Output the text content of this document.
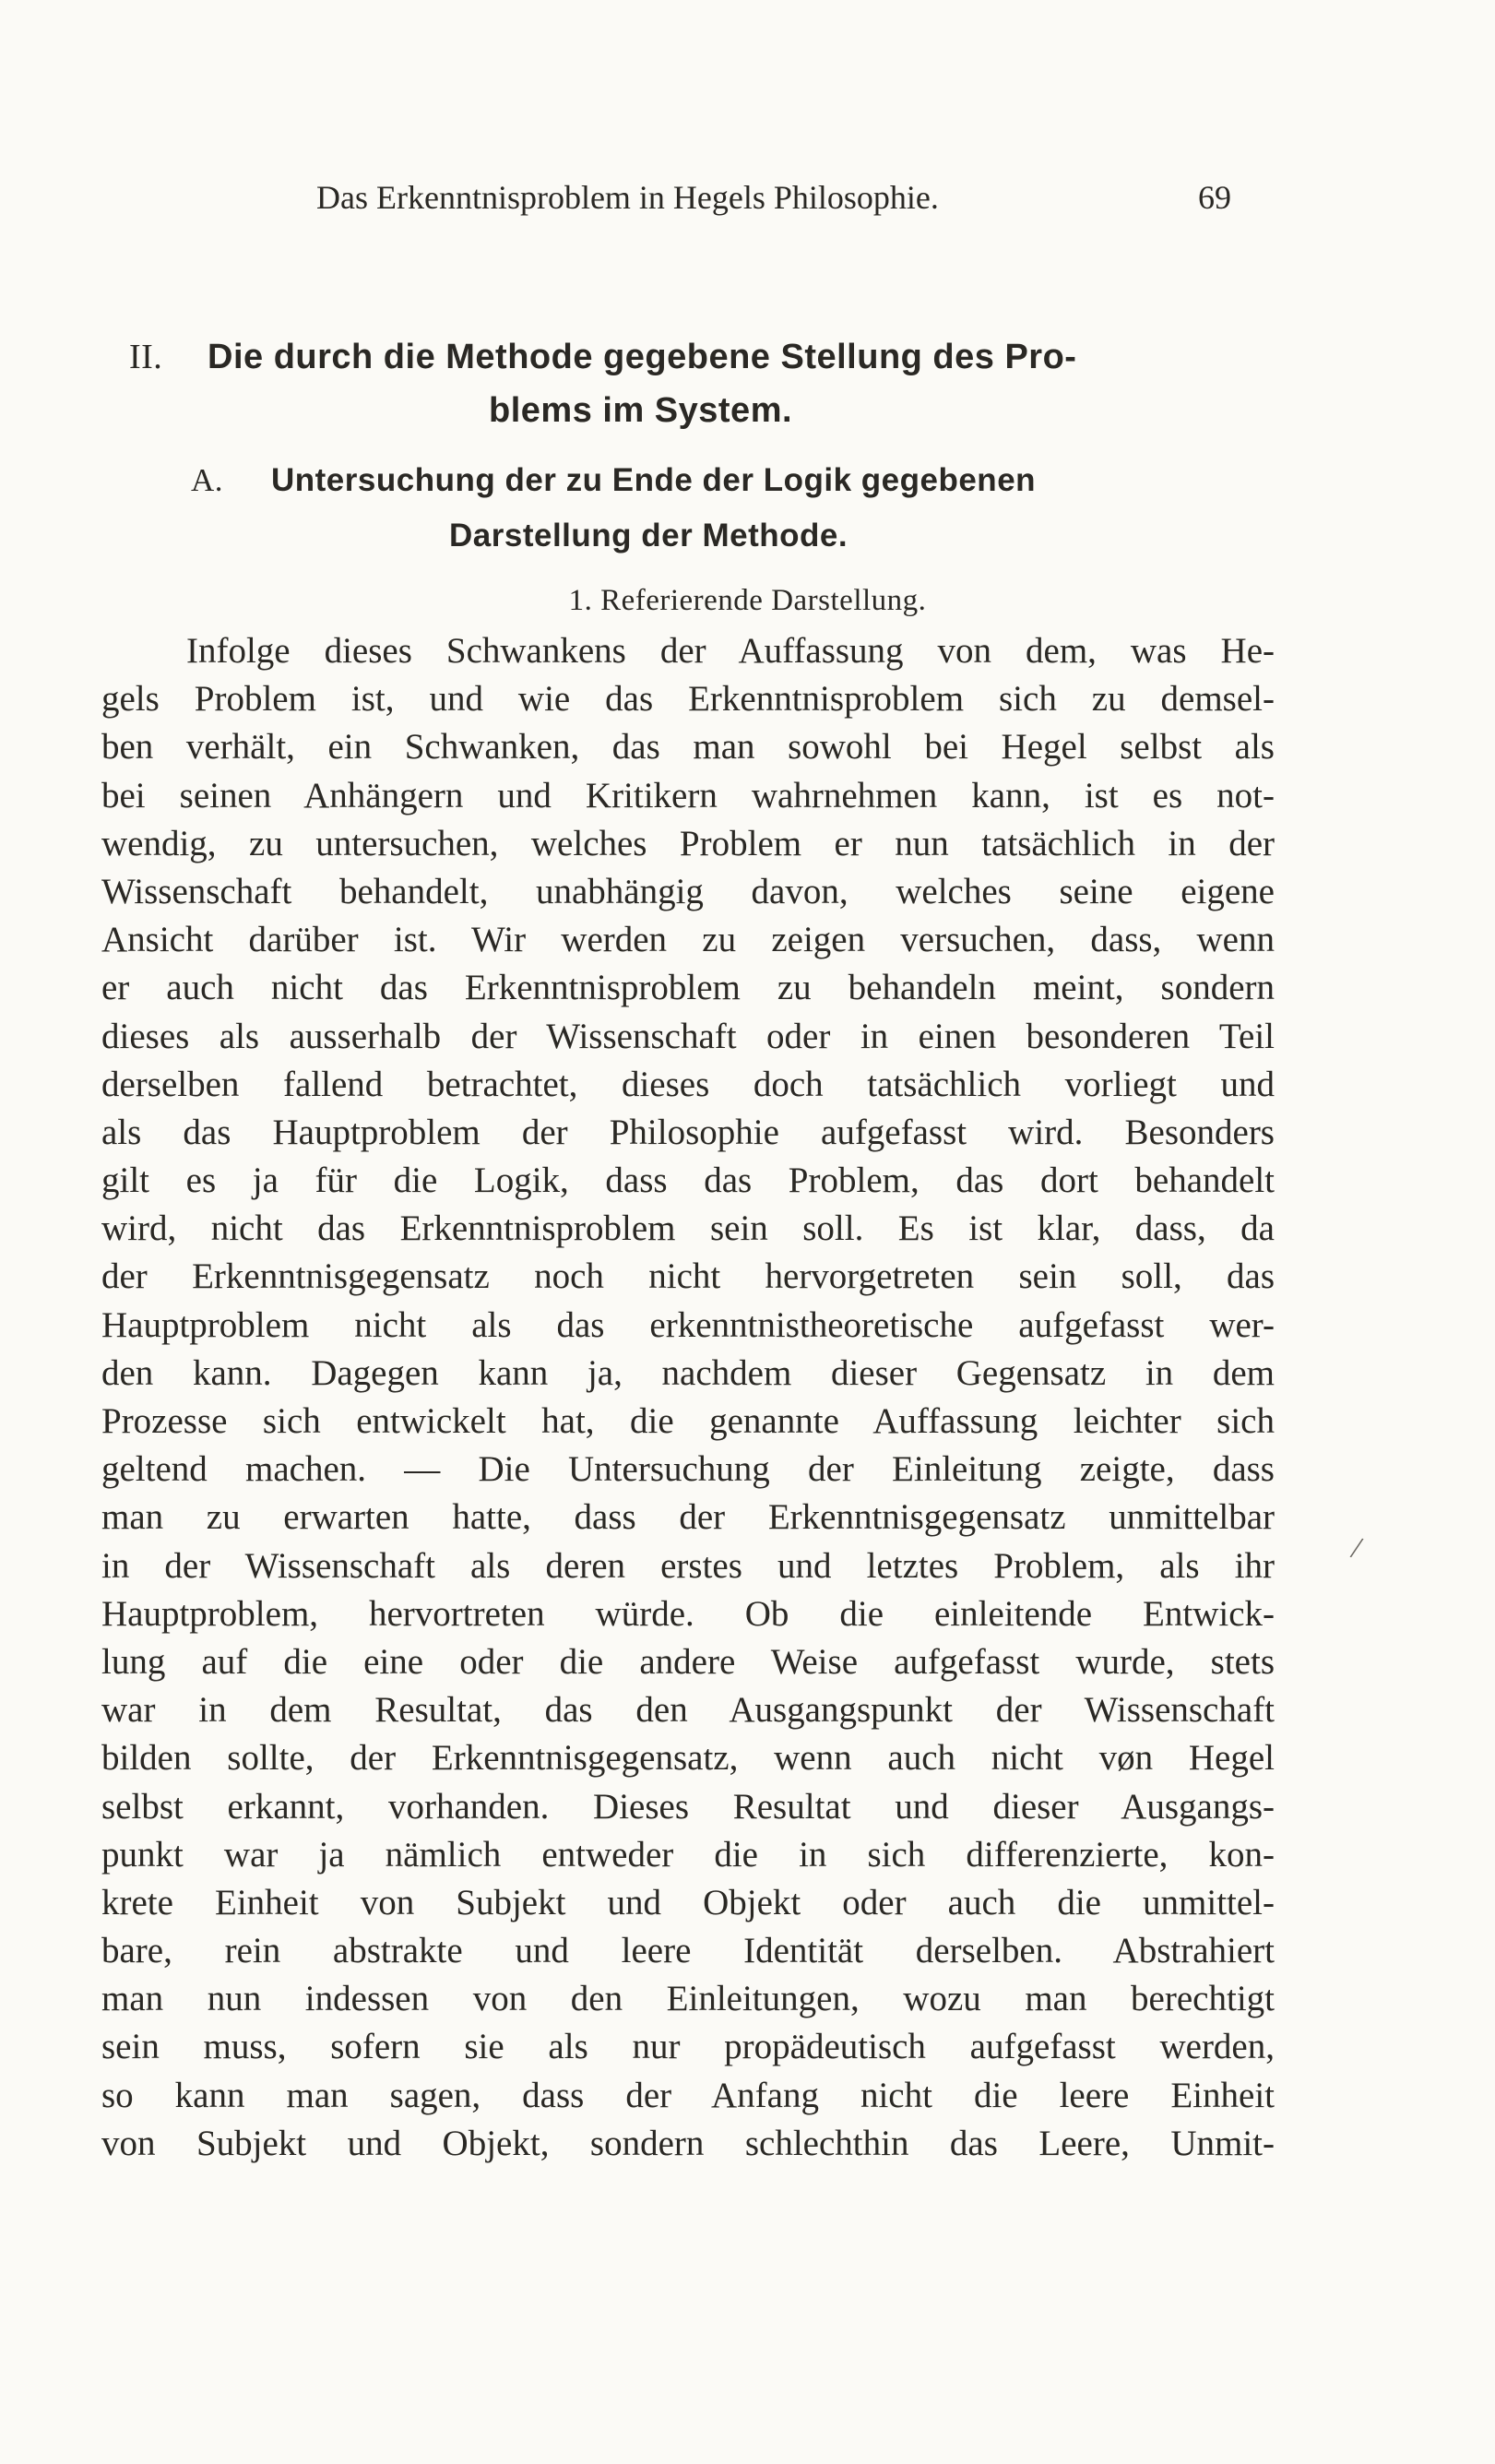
Das Erkenntnisproblem in Hegels Philosophie.	69
II. Die durch die Methode gegebene Stellung des Pro-
blems im System.
A. Untersuchung der zu Ende der Logik gegebenen
Darstellung der Methode.
1. Referierende Darstellung.
Infolge dieses Schwankens der Auffassung von dem, was He-
gels Problem ist, und wie das Erkenntnisproblem sich zu demsel-
ben verhält, ein Schwanken, das man sowohl bei Hegel selbst als
bei seinen Anhängern und Kritikern wahrnehmen kann, ist es not-
wendig, zu untersuchen, welches Problem er nun tatsächlich in der
Wissenschaft behandelt, unabhängig davon, welches seine eigene
Ansicht darüber ist. Wir werden zu zeigen versuchen, dass, wenn
er auch nicht das Erkenntnisproblem zu behandeln meint, sondern
dieses als ausserhalb der Wissenschaft oder in einen besonderen Teil
derselben fallend betrachtet, dieses doch tatsächlich vorliegt und
als das Hauptproblem der Philosophie aufgefasst wird. Besonders
gilt es ja für die Logik, dass das Problem, das dort behandelt
wird, nicht das Erkenntnisproblem sein soll. Es ist klar, dass, da
der Erkenntnisgegensatz noch nicht hervorgetreten sein soll, das
Hauptproblem nicht als das erkenntnistheoretische aufgefasst wer-
den kann. Dagegen kann ja, nachdem dieser Gegensatz in dem
Prozesse sich entwickelt hat, die genannte Auffassung leichter sich
geltend machen. — Die Untersuchung der Einleitung zeigte, dass
man zu erwarten hatte, dass der Erkenntnisgegensatz unmittelbar
in der Wissenschaft als deren erstes und letztes Problem, als ihr
Hauptproblem, hervortreten würde. Ob die einleitende Entwick-
lung auf die eine oder die andere Weise aufgefasst wurde, stets
war in dem Resultat, das den Ausgangspunkt der Wissenschaft
bilden sollte, der Erkenntnisgegensatz, wenn auch nicht vøn Hegel
selbst erkannt, vorhanden. Dieses Resultat und dieser Ausgangs-
punkt war ja nämlich entweder die in sich differenzierte, kon-
krete Einheit von Subjekt und Objekt oder auch die unmittel-
bare, rein abstrakte und leere Identität derselben. Abstrahiert
man nun indessen von den Einleitungen, wozu man berechtigt
sein muss, sofern sie als nur propädeutisch aufgefasst werden,
so kann man sagen, dass der Anfang nicht die leere Einheit
von Subjekt und Objekt, sondern schlechthin das Leere, Unmit-
/
